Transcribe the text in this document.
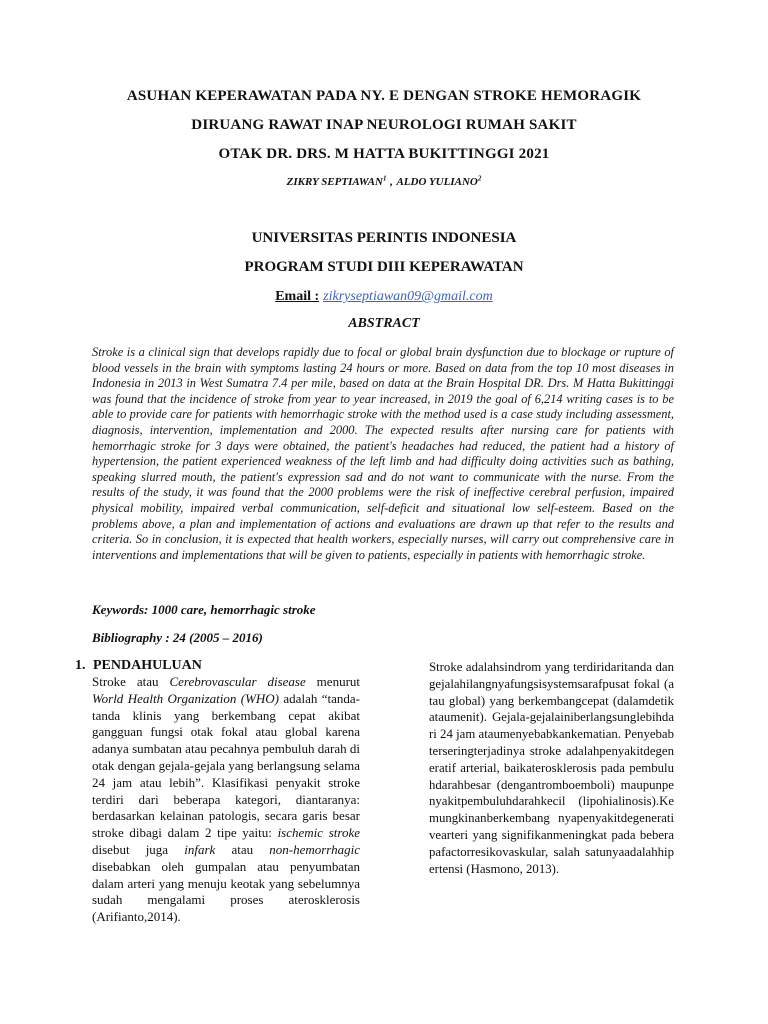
ASUHAN KEPERAWATAN PADA NY. E DENGAN STROKE HEMORAGIK
DIRUANG RAWAT INAP NEUROLOGI RUMAH SAKIT
OTAK DR. DRS. M HATTA BUKITTINGGI 2021
ZIKRY SEPTIAWAN$^1$ , ALDO YULIANO$^2$
UNIVERSITAS PERINTIS INDONESIA
PROGRAM STUDI DIII KEPERAWATAN
Email : zikryseptiawan09@gmail.com
ABSTRACT
Stroke is a clinical sign that develops rapidly due to focal or global brain dysfunction due to blockage or rupture of blood vessels in the brain with symptoms lasting 24 hours or more. Based on data from the top 10 most diseases in Indonesia in 2013 in West Sumatra 7.4 per mile, based on data at the Brain Hospital DR. Drs. M Hatta Bukittinggi was found that the incidence of stroke from year to year increased, in 2019 the goal of 6,214 writing cases is to be able to provide care for patients with hemorrhagic stroke with the method used is a case study including assessment, diagnosis, intervention, implementation and 2000. The expected results after nursing care for patients with hemorrhagic stroke for 3 days were obtained, the patient's headaches had reduced, the patient had a history of hypertension, the patient experienced weakness of the left limb and had difficulty doing activities such as bathing, speaking slurred mouth, the patient's expression sad and do not want to communicate with the nurse. From the results of the study, it was found that the 2000 problems were the risk of ineffective cerebral perfusion, impaired physical mobility, impaired verbal communication, self-deficit and situational low self-esteem. Based on the problems above, a plan and implementation of actions and evaluations are drawn up that refer to the results and criteria. So in conclusion, it is expected that health workers, especially nurses, will carry out comprehensive care in interventions and implementations that will be given to patients, especially in patients with hemorrhagic stroke.
Keywords: 1000 care, hemorrhagic stroke
Bibliography : 24 (2005 – 2016)
1. PENDAHULUAN
Stroke atau Cerebrovascular disease menurut World Health Organization (WHO) adalah “tanda-tanda klinis yang berkembang cepat akibat gangguan fungsi otak fokal atau global karena adanya sumbatan atau pecahnya pembuluh darah di otak dengan gejala-gejala yang berlangsung selama 24 jam atau lebih”. Klasifikasi penyakit stroke terdiri dari beberapa kategori, diantaranya: berdasarkan kelainan patologis, secara garis besar stroke dibagi dalam 2 tipe yaitu: ischemic stroke disebut juga infark atau non-hemorrhagic disebabkan oleh gumpalan atau penyumbatan dalam arteri yang menuju keotak yang sebelumnya sudah mengalami proses aterosklerosis (Arifianto,2014).
Stroke adalahsindrom yang terdiridaritanda dangejalahilangnyafungsisystemsarafpusat fokal (atau global) yang berkembangcepat (dalamdetikataumenit). Gejala-gejalainiberlangsunglebihdari 24 jam ataumenyebabkankematian. Penyebabterseringterjadinya stroke adalahpenyakitdegeneratif arterial, baikaterosklerosis pada pembuluhdarahbesar (dengantromboemboli) maupunpenyakitpembuluhdarahkecil (lipohialinosis).Kemungkinanberkembang nyapenyakitdegenerativearteri yang signifikanmeningkat pada beberapafactorresikovaskular, salah satunyaadalahhipertensi (Hasmono, 2013).
